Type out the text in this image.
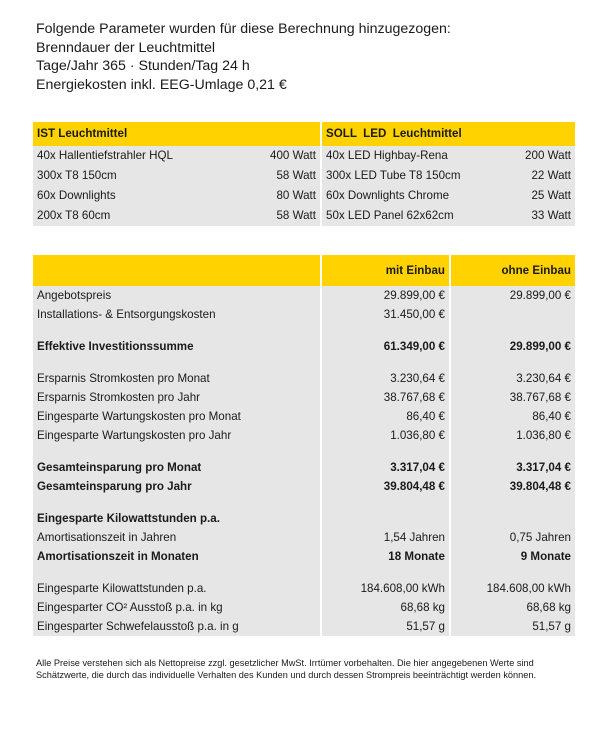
Folgende Parameter wurden für diese Berechnung hinzugezogen:
Brenndauer der Leuchtmittel
Tage/Jahr 365 · Stunden/Tag 24 h
Energiekosten inkl. EEG-Umlage 0,21 €
IST Leuchtmittel		SOLL  LED  Leuchtmittel	
40x Hallentiefstrahler HQL	400 Watt	40x LED Highbay-Rena	200 Watt
300x T8 150cm	58 Watt	300x LED Tube T8 150cm	22 Watt
60x Downlights	80 Watt	60x Downlights Chrome	25 Watt
200x T8 60cm	58 Watt	50x LED Panel 62x62cm	33 Watt
	mit Einbau	ohne Einbau
Angebotspreis	29.899,00 €	29.899,00 €
Installations- & Entsorgungskosten	31.450,00 €	

Effektive Investitionssumme	61.349,00 €	29.899,00 €

Ersparnis Stromkosten pro Monat	3.230,64 €	3.230,64 €
Ersparnis Stromkosten pro Jahr	38.767,68 €	38.767,68 €
Eingesparte Wartungskosten pro Monat	86,40 €	86,40 €
Eingesparte Wartungskosten pro Jahr	1.036,80 €	1.036,80 €

Gesamteinsparung pro Monat	3.317,04 €	3.317,04 €
Gesamteinsparung pro Jahr	39.804,48 €	39.804,48 €

Eingesparte Kilowattstunden p.a.		
Amortisationszeit in Jahren	1,54 Jahren	0,75 Jahren
Amortisationszeit in Monaten	18 Monate	9 Monate

Eingesparte Kilowattstunden p.a.	184.608,00 kWh	184.608,00 kWh
Eingesparter CO² Ausstoß p.a. in kg	68,68 kg	68,68 kg
Eingesparter Schwefelausstoß p.a. in g	51,57 g	51,57 g
Alle Preise verstehen sich als Nettopreise zzgl. gesetzlicher MwSt. Irrtümer vorbehalten. Die hier angegebenen Werte sind Schätzwerte, die durch das individuelle Verhalten des Kunden und durch dessen Strompreis beeinträchtigt werden können.
